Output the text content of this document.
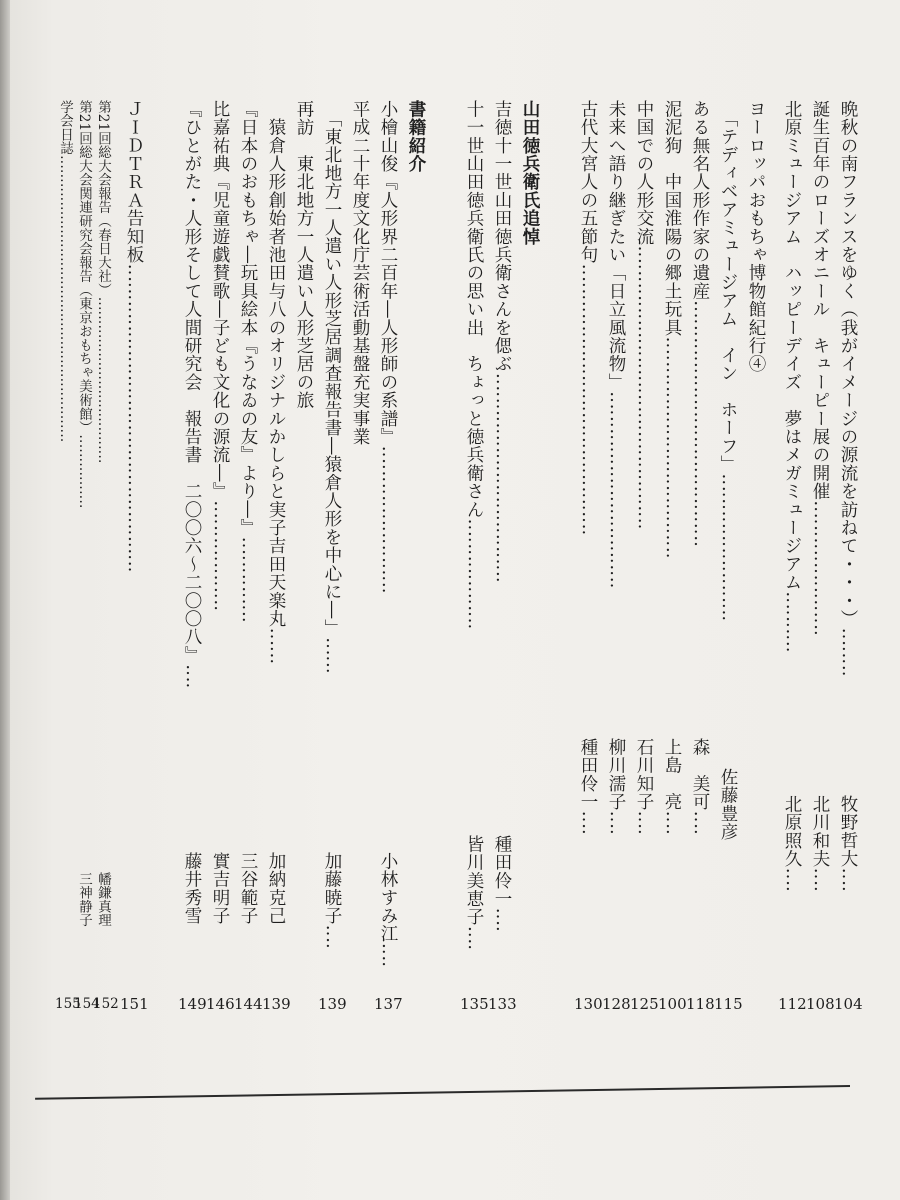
晩秋の南フランスをゆく（我がイメージの源流を訪ねて・・・）‥‥‥‥
牧野哲大‥‥
104
誕生百年のローズオニール　キューピー展の開催‥‥‥‥‥‥‥‥‥‥‥
北川和夫‥‥
108
北原ミュージアム　ハッピーデイズ　夢はメガミュージアム‥‥‥‥‥
北原照久‥‥
112
ヨーロッパおもちゃ博物館紀行④
　「テディベアミュージアム　イン　ホーフ」‥‥‥‥‥‥‥‥‥‥‥‥
佐藤豊彦
115
ある無名人形作家の遺産‥‥‥‥‥‥‥‥‥‥‥‥‥‥‥‥‥‥‥‥
森　美可‥‥
118
泥泥狗　中国淮陽の郷土玩具‥‥‥‥‥‥‥‥‥‥‥‥‥‥‥‥‥‥
上島　亮‥‥
100
中国での人形交流‥‥‥‥‥‥‥‥‥‥‥‥‥‥‥‥‥‥‥‥‥‥‥
石川知子‥‥
125
未来へ語り継ぎたい「日立風流物」‥‥‥‥‥‥‥‥‥‥‥‥‥‥‥‥
柳川濡子‥‥
128
古代大宮人の五節句‥‥‥‥‥‥‥‥‥‥‥‥‥‥‥‥‥‥‥‥‥‥
種田伶一‥‥
130
山田徳兵衛氏追悼
吉徳十一世山田徳兵衛さんを偲ぶ‥‥‥‥‥‥‥‥‥‥‥‥‥‥‥‥‥
種田伶一‥‥
133
十一世山田徳兵衛氏の思い出　ちょっと徳兵衛さん‥‥‥‥‥‥‥‥‥
皆川美恵子‥‥
135
書籍紹介
小檜山俊『人形界二百年―人形師の系譜』‥‥‥‥‥‥‥‥‥‥‥‥
小林すみ江‥‥
137
平成二十年度文化庁芸術活動基盤充実事業
　「東北地方一人遣い人形芝居調査報告書―猿倉人形を中心に―」‥‥‥
加藤暁子‥‥
139
再訪　東北地方一人遣い人形芝居の旅
　猿倉人形創始者池田与八のオリジナルかしらと実子吉田天楽丸‥‥‥
加納克己
139
『日本のおもちゃ―玩具絵本『うなゐの友』より―』‥‥‥‥‥‥‥
三谷範子
144
比嘉祐典『児童遊戯賛歌―子ども文化の源流―』‥‥‥‥‥‥‥‥‥
實吉明子
146
『ひとがた・人形そして人間研究会　報告書　二〇〇六〜二〇〇八』‥‥
藤井秀雪
149
ＪＩＤＴＲＡ告知板‥‥‥‥‥‥‥‥‥‥‥‥‥‥‥‥‥‥‥‥‥‥‥‥‥
151
第21回総大会報告（春日大社）‥‥‥‥‥‥‥‥‥‥‥‥‥‥‥‥‥‥
幡鎌真理
152
第21回総大会関連研究会報告（東京おもちゃ美術館）‥‥‥‥‥‥‥‥
三神静子
154
学会日誌‥‥‥‥‥‥‥‥‥‥‥‥‥‥‥‥‥‥‥‥‥‥‥‥‥‥‥‥‥‥‥
155
